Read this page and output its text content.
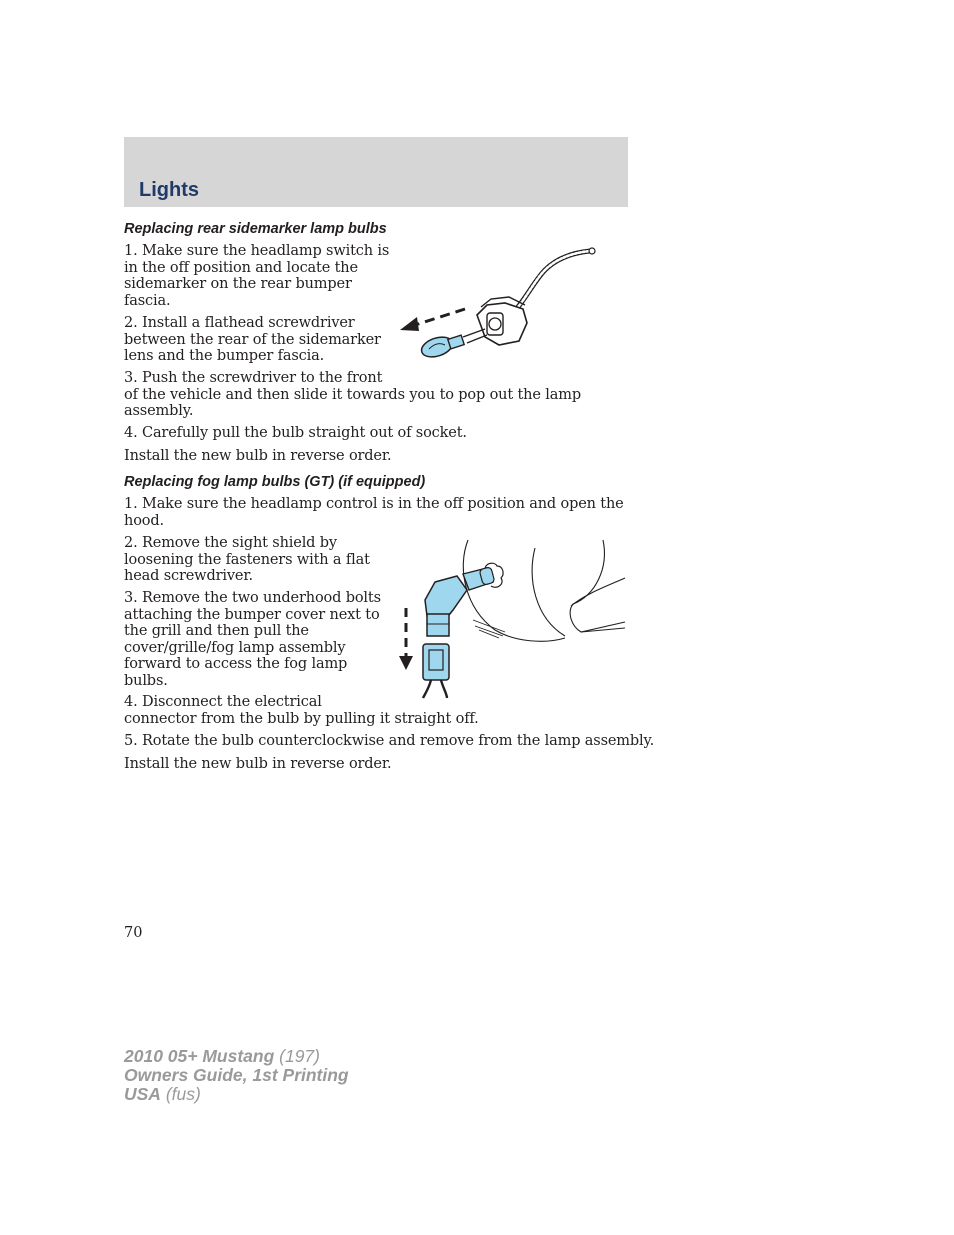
Lights

Replacing rear sidemarker lamp bulbs

1. Make sure the headlamp switch is

in the off position and locate the

sidemarker on the rear bumper

fascia.

2. Install a flathead screwdriver

between the rear of the sidemarker

lens and the bumper fascia.

3. Push the screwdriver to the front

of the vehicle and then slide it towards you to pop out the lamp

assembly.

4. Carefully pull the bulb straight out of socket.

Install the new bulb in reverse order.

Replacing fog lamp bulbs (GT) (if equipped)

1. Make sure the headlamp control is in the off position and open the

hood.

2. Remove the sight shield by

loosening the fasteners with a flat

head screwdriver.

3. Remove the two underhood bolts

attaching the bumper cover next to

the grill and then pull the

cover/grille/fog lamp assembly

forward to access the fog lamp

bulbs.

4. Disconnect the electrical

connector from the bulb by pulling it straight off.

5. Rotate the bulb counterclockwise and remove from the lamp assembly.

Install the new bulb in reverse order.

70
2010 05+ Mustang (197)
Owners Guide, 1st Printing
USA (fus)
